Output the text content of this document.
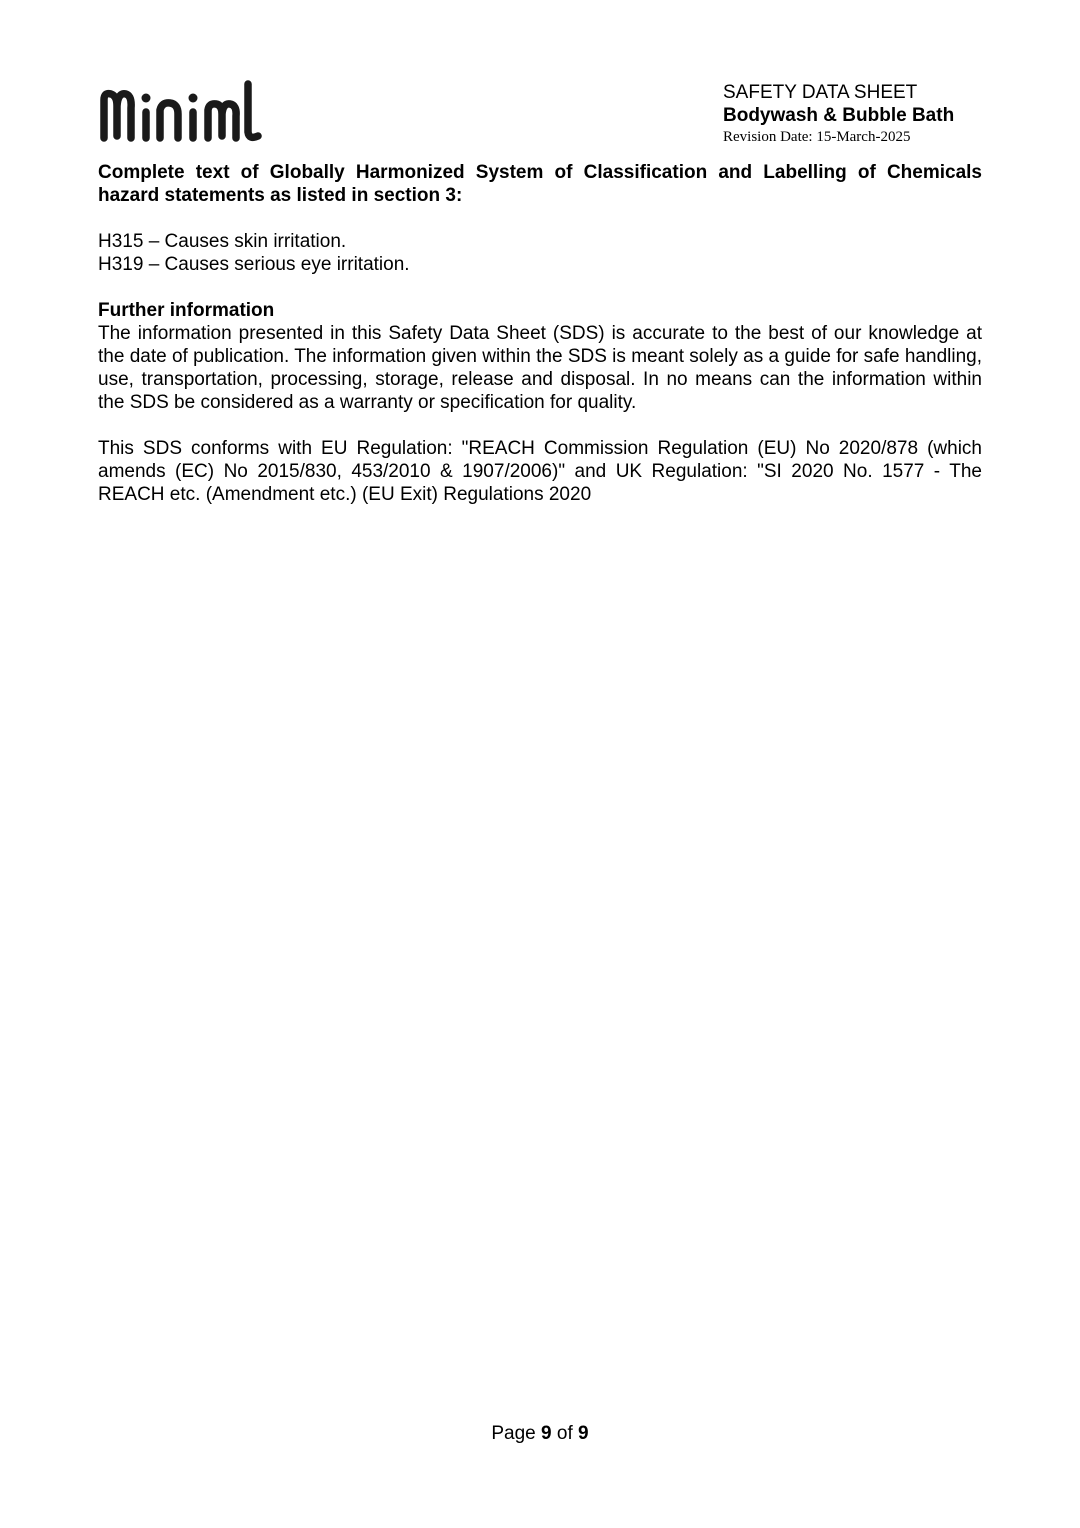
SAFETY DATA SHEET
Bodywash & Bubble Bath
Revision Date: 15-March-2025

Complete text of Globally Harmonized System of Classification and Labelling of Chemicals hazard statements as listed in section 3:

H315 – Causes skin irritation.

H319 – Causes serious eye irritation.

Further information

The information presented in this Safety Data Sheet (SDS) is accurate to the best of our knowledge at the date of publication. The information given within the SDS is meant solely as a guide for safe handling, use, transportation, processing, storage, release and disposal. In no means can the information within the SDS be considered as a warranty or specification for quality.

This SDS conforms with EU Regulation: "REACH Commission Regulation (EU) No 2020/878 (which amends (EC) No 2015/830, 453/2010 & 1907/2006)" and UK Regulation: "SI 2020 No. 1577 - The REACH etc. (Amendment etc.) (EU Exit) Regulations 2020

Page 9 of 9
